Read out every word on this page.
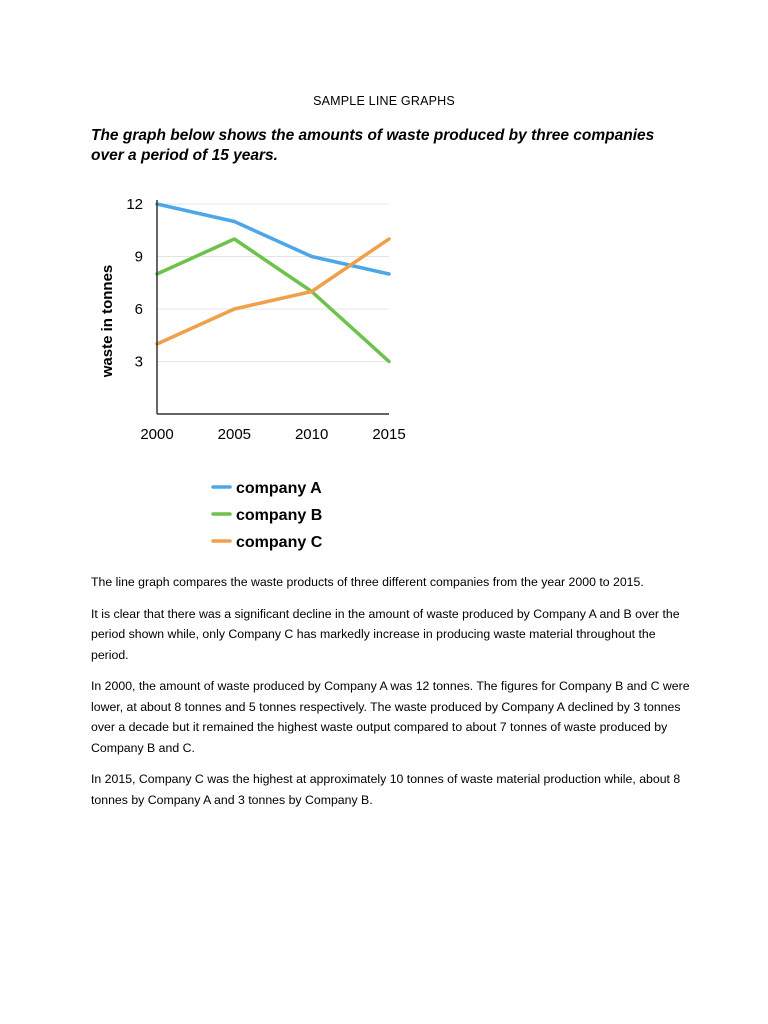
SAMPLE LINE GRAPHS
The graph below shows the amounts of waste produced by three companies over a period of 15 years.
3
6
9
12
2000	2005	2010	2015
waste in tonnes
company A
company B
company C

The line graph compares the waste products of three different companies from the year 2000 to 2015.

It is clear that there was a significant decline in the amount of waste produced by Company A and B over the period shown while, only Company C has markedly increase in producing waste material throughout the period.

In 2000, the amount of waste produced by Company A was 12 tonnes. The figures for Company B and C were lower, at about 8 tonnes and 5 tonnes respectively. The waste produced by Company A declined by 3 tonnes over a decade but it remained the highest waste output compared to about 7 tonnes of waste produced by Company B and C.

In 2015, Company C was the highest at approximately 10 tonnes of waste material production while, about 8 tonnes by Company A and 3 tonnes by Company B.
